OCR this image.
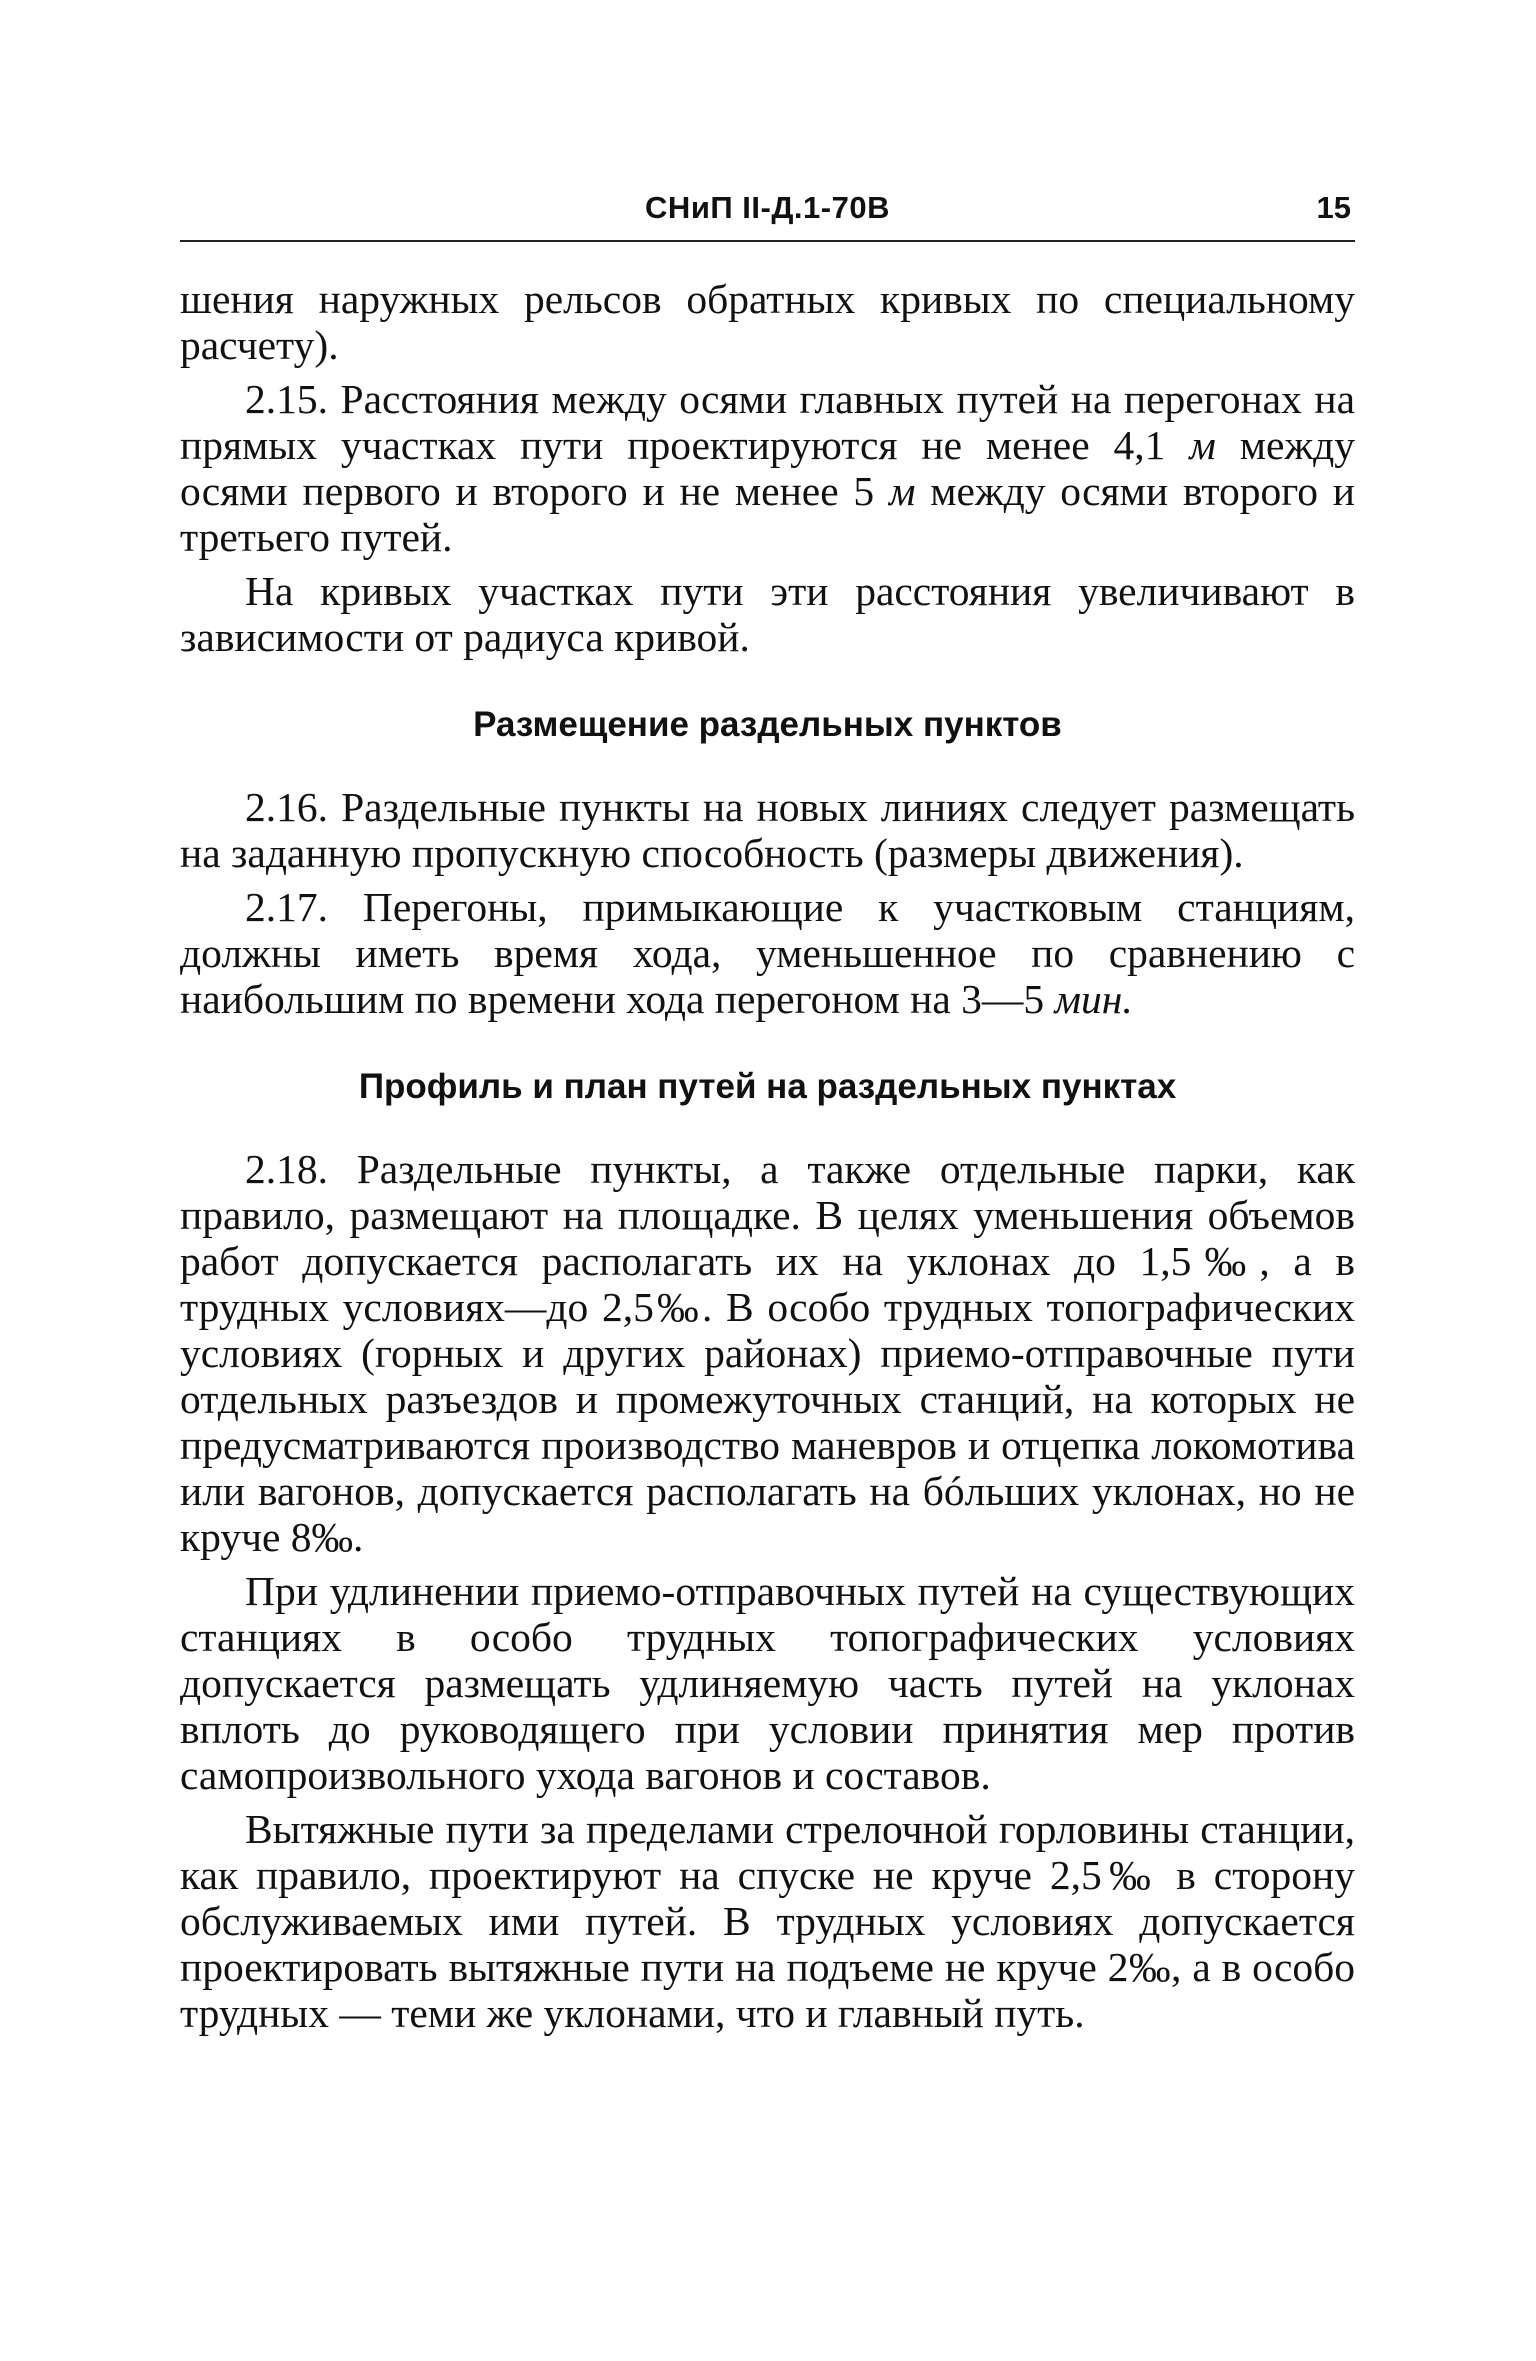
СНиП II-Д.1-70В	15

шения наружных рельсов обратных кривых по специальному расчету).

2.15. Расстояния между осями главных путей на перегонах на прямых участках пути проектируются не менее 4,1 м между осями первого и второго и не менее 5 м между осями второго и третьего путей.

На кривых участках пути эти расстояния увеличивают в зависимости от радиуса кривой.

Размещение раздельных пунктов

2.16. Раздельные пункты на новых линиях следует размещать на заданную пропускную способность (размеры движения).

2.17. Перегоны, примыкающие к участковым станциям, должны иметь время хода, уменьшенное по сравнению с наибольшим по времени хода перегоном на 3—5 мин.

Профиль и план путей на раздельных пунктах

2.18. Раздельные пункты, а также отдельные парки, как правило, размещают на площадке. В целях уменьшения объемов работ допускается располагать их на уклонах до 1,5‰, а в трудных условиях—до 2,5‰. В особо трудных топографических условиях (горных и других районах) приемо-отправочные пути отдельных разъездов и промежуточных станций, на которых не предусматриваются производство маневров и отцепка локомотива или вагонов, допускается располагать на бóльших уклонах, но не круче 8‰.

При удлинении приемо-отправочных путей на существующих станциях в особо трудных топографических условиях допускается размещать удлиняемую часть путей на уклонах вплоть до руководящего при условии принятия мер против самопроизвольного ухода вагонов и составов.

Вытяжные пути за пределами стрелочной горловины станции, как правило, проектируют на спуске не круче 2,5‰ в сторону обслуживаемых ими путей. В трудных условиях допускается проектировать вытяжные пути на подъеме не круче 2‰, а в особо трудных — теми же уклонами, что и главный путь.
